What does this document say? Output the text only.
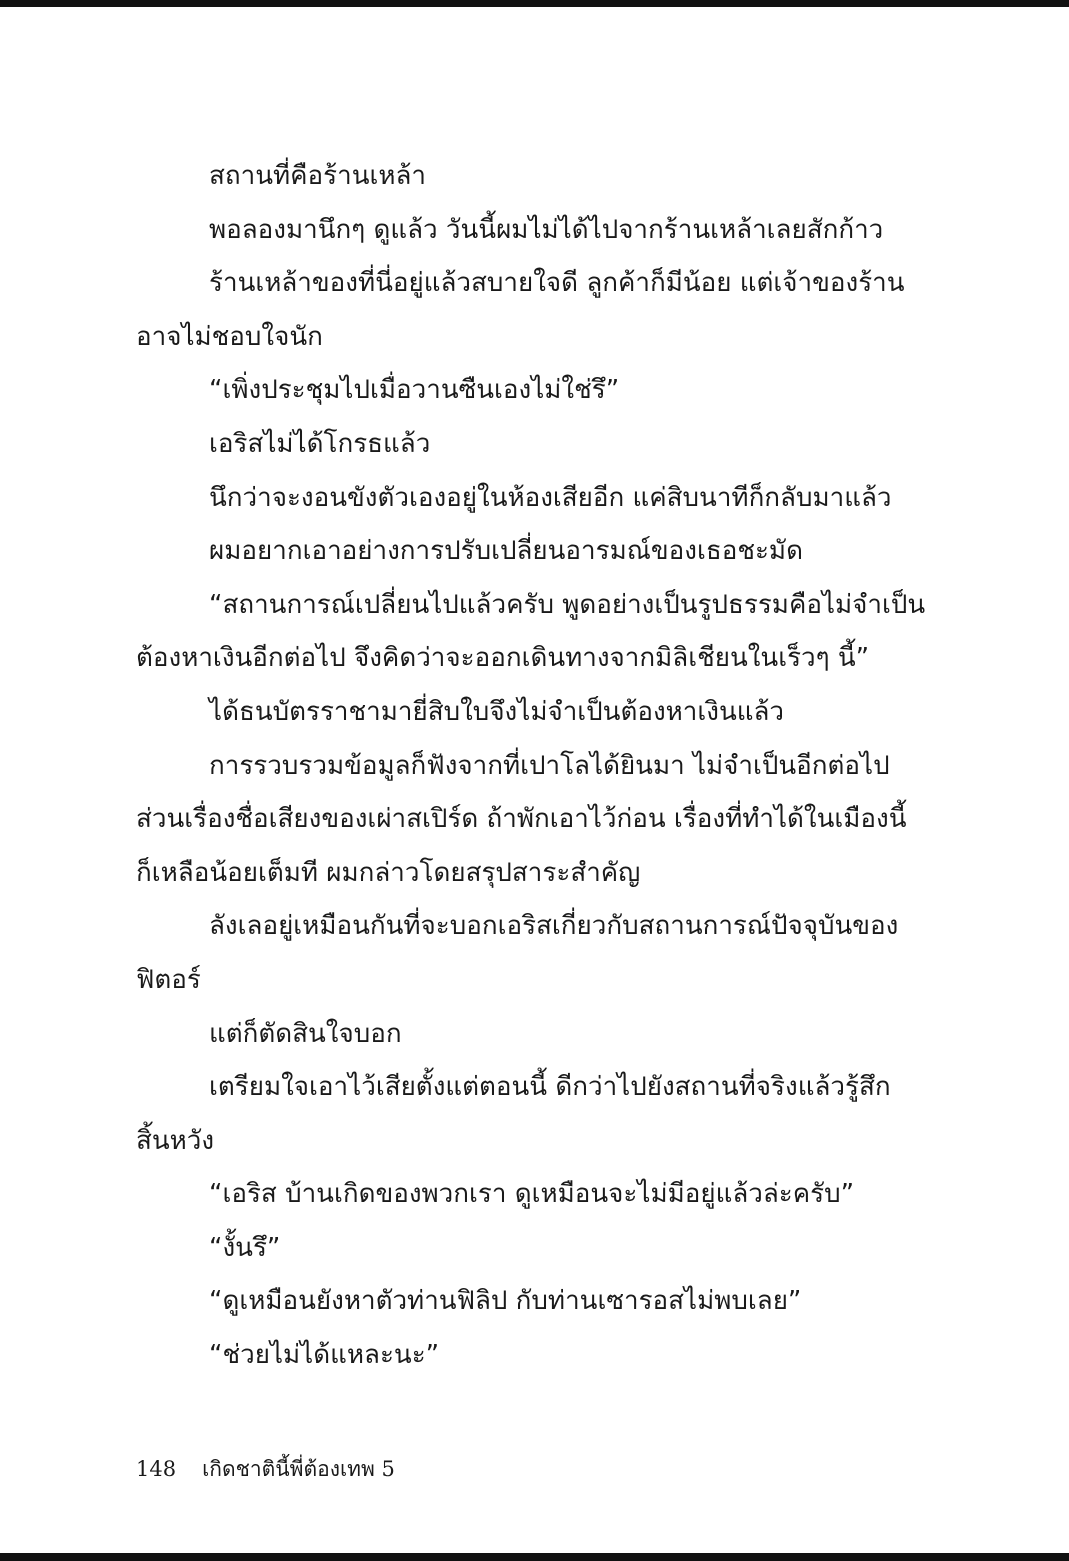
สถานที่คือร้านเหล้า
พอลองมานึกๆ ดูแล้ว วันนี้ผมไม่ได้ไปจากร้านเหล้าเลยสักก้าว
ร้านเหล้าของที่นี่อยู่แล้วสบายใจดี ลูกค้าก็มีน้อย แต่เจ้าของร้าน
อาจไม่ชอบใจนัก
“เพิ่งประชุมไปเมื่อวานซืนเองไม่ใช่รึ”
เอริสไม่ได้โกรธแล้ว
นึกว่าจะงอนขังตัวเองอยู่ในห้องเสียอีก แค่สิบนาทีก็กลับมาแล้ว
ผมอยากเอาอย่างการปรับเปลี่ยนอารมณ์ของเธอชะมัด
“สถานการณ์เปลี่ยนไปแล้วครับ พูดอย่างเป็นรูปธรรมคือไม่จำเป็น
ต้องหาเงินอีกต่อไป จึงคิดว่าจะออกเดินทางจากมิลิเชียนในเร็วๆ นี้”
ได้ธนบัตรราชามายี่สิบใบจึงไม่จำเป็นต้องหาเงินแล้ว
การรวบรวมข้อมูลก็ฟังจากที่เปาโลได้ยินมา ไม่จำเป็นอีกต่อไป
ส่วนเรื่องชื่อเสียงของเผ่าสเปิร์ด ถ้าพักเอาไว้ก่อน เรื่องที่ทำได้ในเมืองนี้
ก็เหลือน้อยเต็มที ผมกล่าวโดยสรุปสาระสำคัญ
ลังเลอยู่เหมือนกันที่จะบอกเอริสเกี่ยวกับสถานการณ์ปัจจุบันของ
ฟิตอร์
แต่ก็ตัดสินใจบอก
เตรียมใจเอาไว้เสียตั้งแต่ตอนนี้ ดีกว่าไปยังสถานที่จริงแล้วรู้สึก
สิ้นหวัง
“เอริส บ้านเกิดของพวกเรา ดูเหมือนจะไม่มีอยู่แล้วล่ะครับ”
“งั้นรึ”
“ดูเหมือนยังหาตัวท่านฟิลิป กับท่านเซารอสไม่พบเลย”
“ช่วยไม่ได้แหละนะ”
148 เกิดชาตินี้พี่ต้องเทพ 5
